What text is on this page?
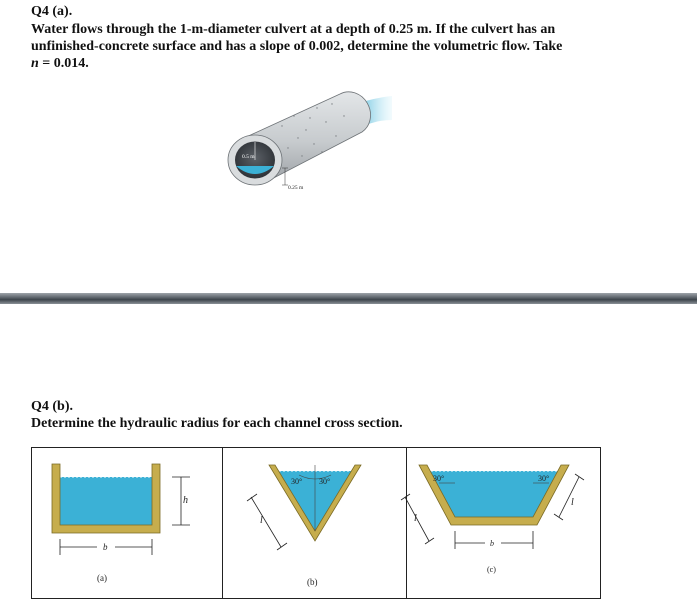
Q4 (a).
Water flows through the 1-m-diameter culvert at a depth of 0.25 m. If the culvert has an
unfinished-concrete surface and has a slope of 0.002, determine the volumetric flow. Take
n = 0.014.
0.5 m
0.25 m
Q4 (b).
Determine the hydraulic radius for each channel cross section.
h
b
(a)
30° 30°
l
(b)
30°	30°
l
l
b
(c)
